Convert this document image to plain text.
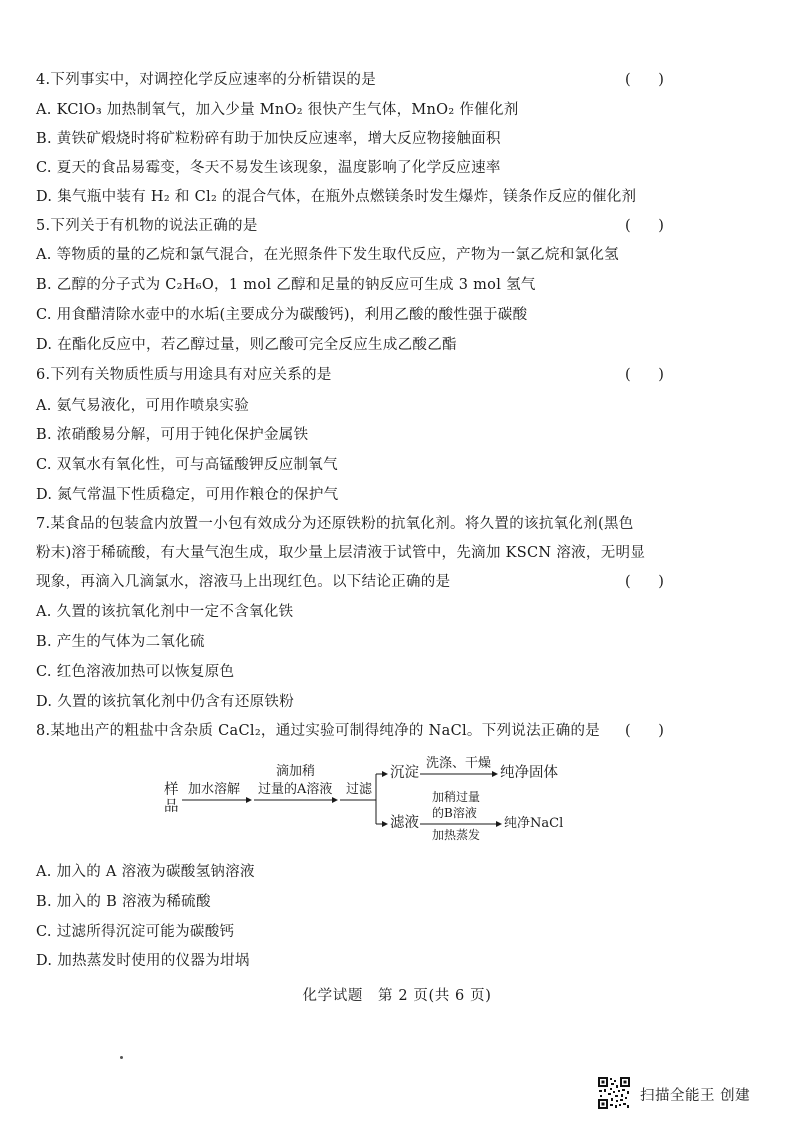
4.下列事实中，对调控化学反应速率的分析错误的是	(      )
A. KClO₃ 加热制氧气，加入少量 MnO₂ 很快产生气体，MnO₂ 作催化剂
B. 黄铁矿煅烧时将矿粒粉碎有助于加快反应速率，增大反应物接触面积
C. 夏天的食品易霉变，冬天不易发生该现象，温度影响了化学反应速率
D. 集气瓶中装有 H₂ 和 Cl₂ 的混合气体，在瓶外点燃镁条时发生爆炸，镁条作反应的催化剂
5.下列关于有机物的说法正确的是	(      )
A. 等物质的量的乙烷和氯气混合，在光照条件下发生取代反应，产物为一氯乙烷和氯化氢
B. 乙醇的分子式为 C₂H₆O，1 mol 乙醇和足量的钠反应可生成 3 mol 氢气
C. 用食醋清除水壶中的水垢(主要成分为碳酸钙)，利用乙酸的酸性强于碳酸
D. 在酯化反应中，若乙醇过量，则乙酸可完全反应生成乙酸乙酯
6.下列有关物质性质与用途具有对应关系的是	(      )
A. 氨气易液化，可用作喷泉实验
B. 浓硝酸易分解，可用于钝化保护金属铁
C. 双氧水有氧化性，可与高锰酸钾反应制氧气
D. 氮气常温下性质稳定，可用作粮仓的保护气
7.某食品的包装盒内放置一小包有效成分为还原铁粉的抗氧化剂。将久置的该抗氧化剂(黑色
粉末)溶于稀硫酸，有大量气泡生成，取少量上层清液于试管中，先滴加 KSCN 溶液，无明显
现象，再滴入几滴氯水，溶液马上出现红色。以下结论正确的是	(      )
A. 久置的该抗氧化剂中一定不含氧化铁
B. 产生的气体为二氧化硫
C. 红色溶液加热可以恢复原色
D. 久置的该抗氧化剂中仍含有还原铁粉
8.某地出产的粗盐中含杂质 CaCl₂，通过实验可制得纯净的 NaCl。下列说法正确的是 (      )
样
品
加水溶解
滴加稍
过量的A溶液 过滤
沉淀
洗涤、干燥
纯净固体
滤液
加稍过量
的B溶液
加热蒸发
纯净NaCl
A. 加入的 A 溶液为碳酸氢钠溶液
B. 加入的 B 溶液为稀硫酸
C. 过滤所得沉淀可能为碳酸钙
D. 加热蒸发时使用的仪器为坩埚
化学试题　第 2 页(共 6 页)
扫描全能王 创建
